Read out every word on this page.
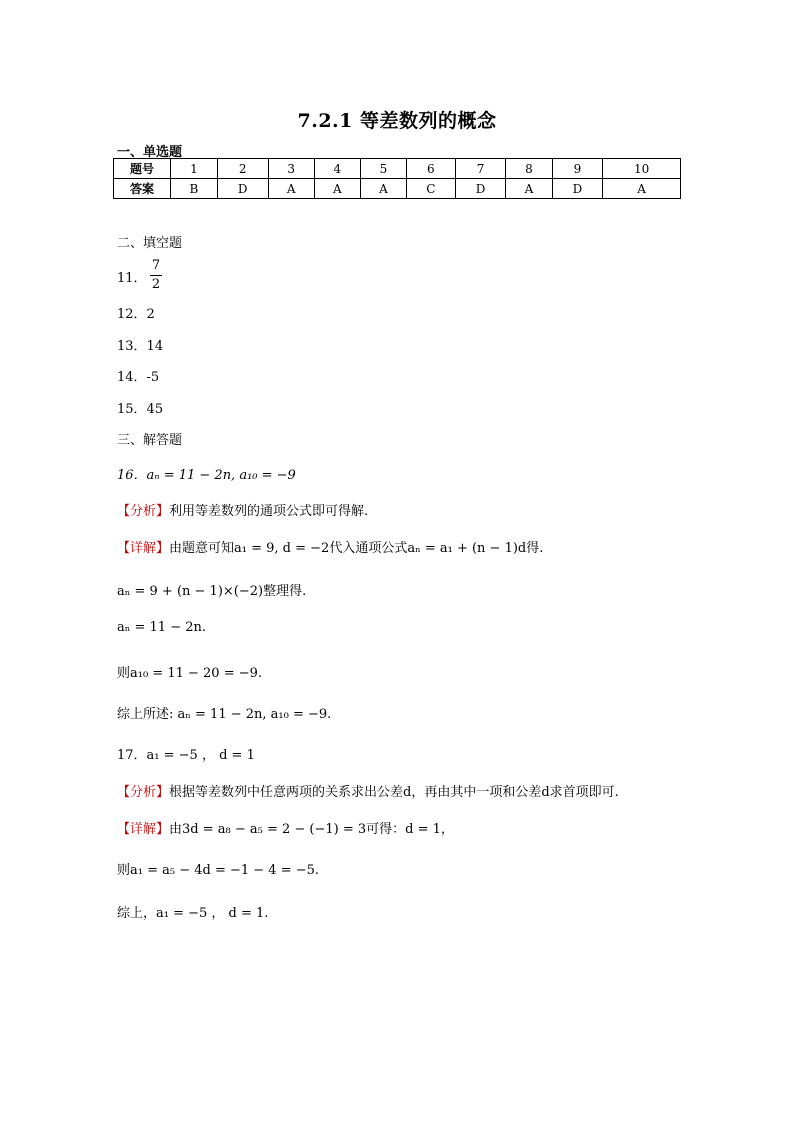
7.2.1 等差数列的概念
一、单选题
题号	1	2	3	4	5	6	7	8	9	10
答案	B	D	A	A	A	C	D	A	D	A
二、填空题
11．
7
2
12．2
13．14
14．-5
15．45
三、解答题
16．aₙ = 11 − 2n, a₁₀ = −9
【分析】利用等差数列的通项公式即可得解.
【详解】由题意可知a₁ = 9, d = −2代入通项公式aₙ = a₁ + (n − 1)d得.
aₙ = 9 + (n − 1)×(−2)整理得.
aₙ = 11 − 2n.
则a₁₀ = 11 − 20 = −9.
综上所述: aₙ = 11 − 2n, a₁₀ = −9.
17．a₁ = −5 ， d = 1
【分析】根据等差数列中任意两项的关系求出公差d，再由其中一项和公差d求首项即可.
【详解】由3d = a₈ − a₅ = 2 − (−1) = 3可得：d = 1，
则a₁ = a₅ − 4d = −1 − 4 = −5.
综上，a₁ = −5 ， d = 1.
